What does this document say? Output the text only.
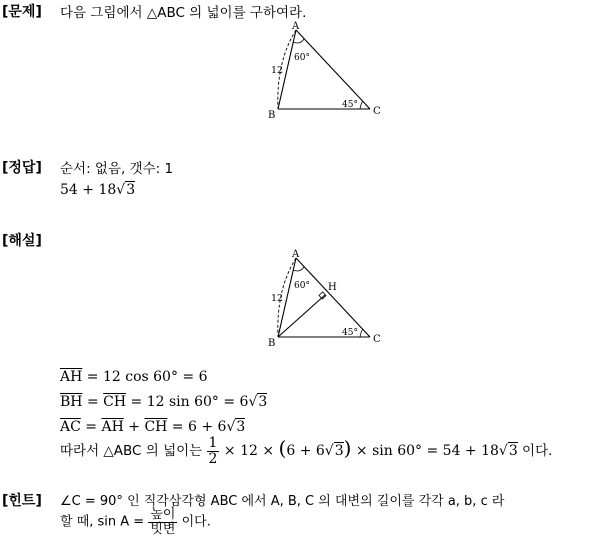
[문제] 다음 그림에서 △ABC 의 넓이를 구하여라.
A
B	C
12
60°
45°
[정답] 순서: 없음, 갯수: 1
54 + 18√3
[해설]
A
B	C
H
12
60°
45°
$\overline{AH} = 12$ cos 60° = 6
$\overline{BH} = \overline{CH} = 12$ sin 60° = 6√3
$\overline{AC} = \overline{AH} + \overline{CH} = 6 + 6√3$
따라서 △ABC 의 넓이는 $\frac{1}{2} \times 12 \times (6 + 6√3) \times \sin 60^\circ = 54 + 18√3$ 이다.
[힌트] ∠C = 90° 인 직각삼각형 ABC 에서 A, B, C 의 대변의 길이를 각각 a, b, c 라
할 때, $\sin A = \frac{\text{높이}}{\text{빗변}}$ 이다.
